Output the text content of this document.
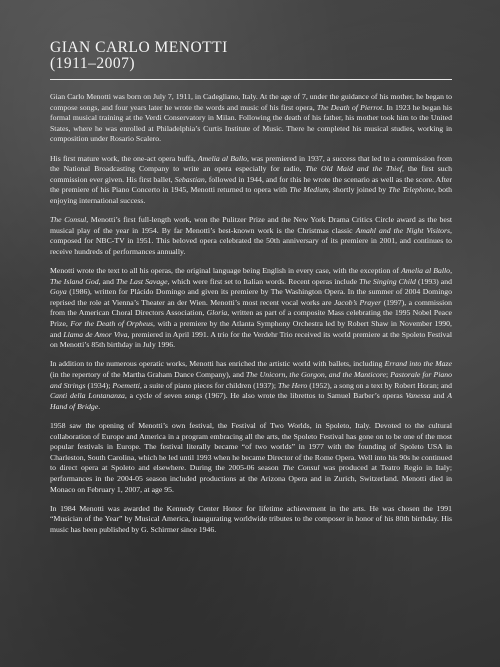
GIAN CARLO MENOTTI
(1911–2007)

Gian Carlo Menotti was born on July 7, 1911, in Cadegliano, Italy. At the age of 7, under the guidance of his mother, he began to compose songs, and four years later he wrote the words and music of his first opera, The Death of Pierrot. In 1923 he began his formal musical training at the Verdi Conservatory in Milan. Following the death of his father, his mother took him to the United States, where he was enrolled at Philadelphia’s Curtis Institute of Music. There he completed his musical studies, working in composition under Rosario Scalero.

His first mature work, the one-act opera buffa, Amelia al Ballo, was premiered in 1937, a success that led to a commission from the National Broadcasting Company to write an opera especially for radio, The Old Maid and the Thief, the first such commission ever given. His first ballet, Sebastian, followed in 1944, and for this he wrote the scenario as well as the score. After the premiere of his Piano Concerto in 1945, Menotti returned to opera with The Medium, shortly joined by The Telephone, both enjoying international success.

The Consul, Menotti’s first full-length work, won the Pulitzer Prize and the New York Drama Critics Circle award as the best musical play of the year in 1954. By far Menotti’s best-known work is the Christmas classic Amahl and the Night Visitors, composed for NBC-TV in 1951. This beloved opera celebrated the 50th anniversary of its premiere in 2001, and continues to receive hundreds of performances annually.

Menotti wrote the text to all his operas, the original language being English in every case, with the exception of Amelia al Ballo, The Island God, and The Last Savage, which were first set to Italian words. Recent operas include The Singing Child (1993) and Goya (1986), written for Plácido Domingo and given its premiere by The Washington Opera. In the summer of 2004 Domingo reprised the role at Vienna’s Theater an der Wien. Menotti’s most recent vocal works are Jacob’s Prayer (1997), a commission from the American Choral Directors Association, Gloria, written as part of a composite Mass celebrating the 1995 Nobel Peace Prize, For the Death of Orpheus, with a premiere by the Atlanta Symphony Orchestra led by Robert Shaw in November 1990, and Llama de Amor Viva, premiered in April 1991. A trio for the Verdehr Trio received its world premiere at the Spoleto Festival on Menotti’s 85th birthday in July 1996.

In addition to the numerous operatic works, Menotti has enriched the artistic world with ballets, including Errand into the Maze (in the repertory of the Martha Graham Dance Company), and The Unicorn, the Gorgon, and the Manticore; Pastorale for Piano and Strings (1934); Poemetti, a suite of piano pieces for children (1937); The Hero (1952), a song on a text by Robert Horan; and Canti della Lontananza, a cycle of seven songs (1967). He also wrote the librettos to Samuel Barber’s operas Vanessa and A Hand of Bridge.

1958 saw the opening of Menotti’s own festival, the Festival of Two Worlds, in Spoleto, Italy. Devoted to the cultural collaboration of Europe and America in a program embracing all the arts, the Spoleto Festival has gone on to be one of the most popular festivals in Europe. The festival literally became “of two worlds” in 1977 with the founding of Spoleto USA in Charleston, South Carolina, which he led until 1993 when he became Director of the Rome Opera. Well into his 90s he continued to direct opera at Spoleto and elsewhere. During the 2005-06 season The Consul was produced at Teatro Regio in Italy; performances in the 2004-05 season included productions at the Arizona Opera and in Zurich, Switzerland. Menotti died in Monaco on February 1, 2007, at age 95.

In 1984 Menotti was awarded the Kennedy Center Honor for lifetime achievement in the arts. He was chosen the 1991 “Musician of the Year” by Musical America, inaugurating worldwide tributes to the composer in honor of his 80th birthday. His music has been published by G. Schirmer since 1946.
